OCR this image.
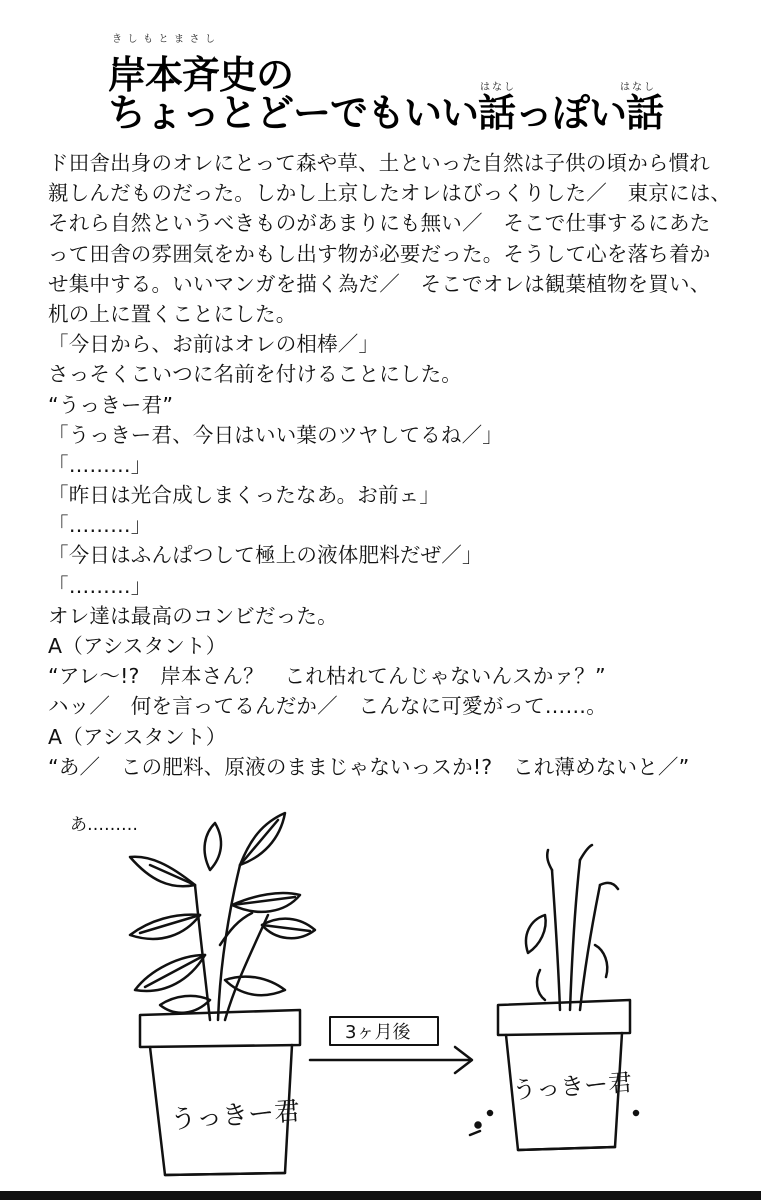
きしもとまさし
岸本斉史の	はなし	はなし
ちょっとどーでもいい話っぽい話
ド田舎出身のオレにとって森や草、土といった自然は子供の頃から慣れ
親しんだものだった。しかし上京したオレはびっくりした／　東京には、
それら自然というべきものがあまりにも無い／　そこで仕事するにあた
って田舎の雰囲気をかもし出す物が必要だった。そうして心を落ち着か
せ集中する。いいマンガを描く為だ／　そこでオレは観葉植物を買い、
机の上に置くことにした。
「今日から、お前はオレの相棒／」
さっそくこいつに名前を付けることにした。
“うっきー君”
「うっきー君、今日はいい葉のツヤしてるね／」
「………」
「昨日は光合成しまくったなあ。お前ェ」
「………」
「今日はふんぱつして極上の液体肥料だぜ／」
「………」
オレ達は最高のコンビだった。
A（アシスタント）
“アレ～!?　岸本さん？　これ枯れてんじゃないんスかァ？”
ハッ／　何を言ってるんだか／　こんなに可愛がって……。
A（アシスタント）
“あ／　この肥料、原液のままじゃないっスか!?　これ薄めないと／”
あ………
うっきー君
3ヶ月後
うっきー君
